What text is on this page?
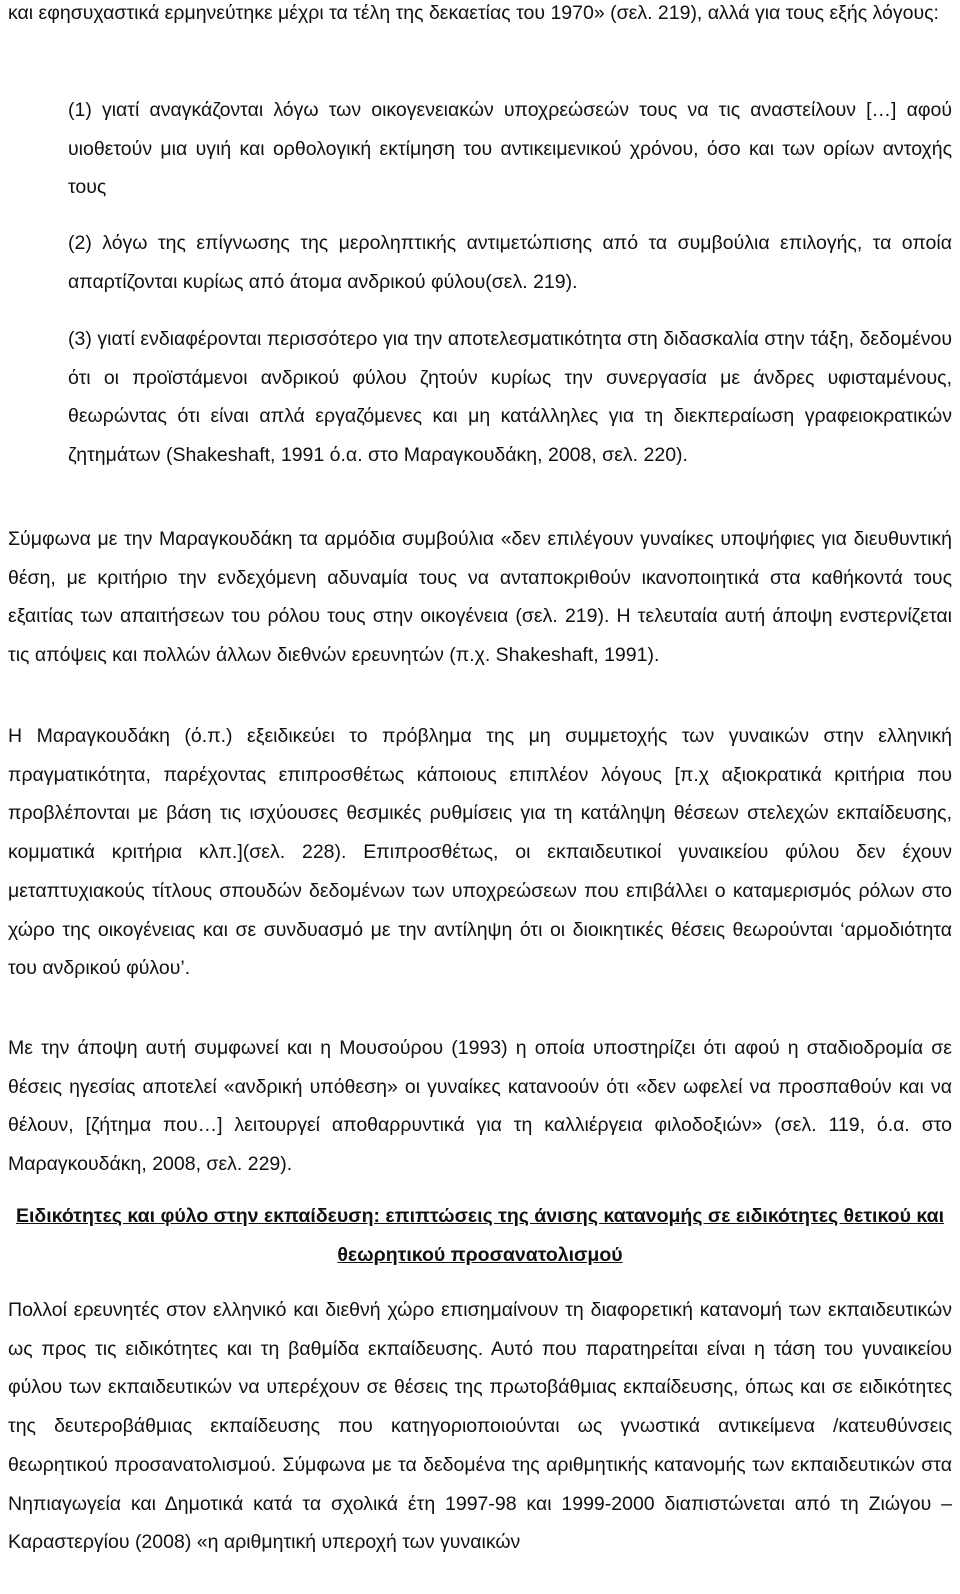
και εφησυχαστικά ερμηνεύτηκε μέχρι τα τέλη της δεκαετίας του 1970» (σελ. 219), αλλά για τους εξής λόγους:

(1) γιατί αναγκάζονται λόγω των οικογενειακών υποχρεώσεών τους να τις αναστείλουν […] αφού υιοθετούν μια υγιή και ορθολογική εκτίμηση του αντικειμενικού χρόνου, όσο και των ορίων αντοχής τους

(2) λόγω της επίγνωσης της μεροληπτικής αντιμετώπισης από τα συμβούλια επιλογής, τα οποία απαρτίζονται κυρίως από άτομα ανδρικού φύλου(σελ. 219).

(3) γιατί ενδιαφέρονται περισσότερο για την αποτελεσματικότητα στη διδασκαλία στην τάξη, δεδομένου ότι οι προϊστάμενοι ανδρικού φύλου ζητούν κυρίως την συνεργασία με άνδρες υφισταμένους, θεωρώντας ότι είναι απλά εργαζόμενες και μη κατάλληλες για τη διεκπεραίωση γραφειοκρατικών ζητημάτων (Shakeshaft, 1991 ό.α. στο Μαραγκουδάκη, 2008, σελ. 220).

Σύμφωνα με την Μαραγκουδάκη τα αρμόδια συμβούλια «δεν επιλέγουν γυναίκες υποψήφιες για διευθυντική θέση, με κριτήριο την ενδεχόμενη αδυναμία τους να ανταποκριθούν ικανοποιητικά στα καθήκοντά τους εξαιτίας των απαιτήσεων του ρόλου τους στην οικογένεια (σελ. 219). Η τελευταία αυτή άποψη ενστερνίζεται τις απόψεις και πολλών άλλων διεθνών ερευνητών (π.χ. Shakeshaft, 1991).

Η Μαραγκουδάκη (ό.π.) εξειδικεύει το πρόβλημα της μη συμμετοχής των γυναικών στην ελληνική πραγματικότητα, παρέχοντας επιπροσθέτως κάποιους επιπλέον λόγους [π.χ αξιοκρατικά κριτήρια που προβλέπονται με βάση τις ισχύουσες θεσμικές ρυθμίσεις για τη κατάληψη θέσεων στελεχών εκπαίδευσης, κομματικά κριτήρια κλπ.](σελ. 228). Επιπροσθέτως, οι εκπαιδευτικοί γυναικείου φύλου δεν έχουν μεταπτυχιακούς τίτλους σπουδών δεδομένων των υποχρεώσεων που επιβάλλει ο καταμερισμός ρόλων στο χώρο της οικογένειας και σε συνδυασμό με την αντίληψη ότι οι διοικητικές θέσεις θεωρούνται ‘αρμοδιότητα του ανδρικού φύλου’.

Με την άποψη αυτή συμφωνεί και η Μουσούρου (1993) η οποία υποστηρίζει ότι αφού η σταδιοδρομία σε θέσεις ηγεσίας αποτελεί «ανδρική υπόθεση» οι γυναίκες κατανοούν ότι «δεν ωφελεί να προσπαθούν και να θέλουν, [ζήτημα που…] λειτουργεί αποθαρρυντικά για τη καλλιέργεια φιλοδοξιών» (σελ. 119, ό.α. στο Μαραγκουδάκη, 2008, σελ. 229).

Ειδικότητες και φύλο στην εκπαίδευση: επιπτώσεις της άνισης κατανομής σε ειδικότητες θετικού και θεωρητικού προσανατολισμού

Πολλοί ερευνητές στον ελληνικό και διεθνή χώρο επισημαίνουν τη διαφορετική κατανομή των εκπαιδευτικών ως προς τις ειδικότητες και τη βαθμίδα εκπαίδευσης. Αυτό που παρατηρείται είναι η τάση του γυναικείου φύλου των εκπαιδευτικών να υπερέχουν σε θέσεις της πρωτοβάθμιας εκπαίδευσης, όπως και σε ειδικότητες της δευτεροβάθμιας εκπαίδευσης που κατηγοριοποιούνται ως γνωστικά αντικείμενα /κατευθύνσεις θεωρητικού προσανατολισμού. Σύμφωνα με τα δεδομένα της αριθμητικής κατανομής των εκπαιδευτικών στα Νηπιαγωγεία και Δημοτικά κατά τα σχολικά έτη 1997-98 και 1999-2000 διαπιστώνεται από τη Ζιώγου –Καραστεργίου (2008) «η αριθμητική υπεροχή των γυναικών
